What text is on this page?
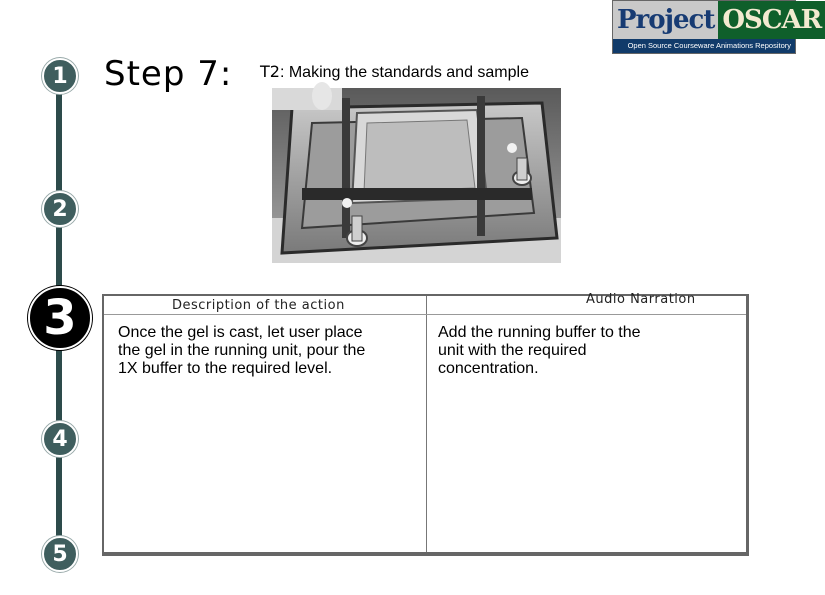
1
2
3
4
5
Step 7: T2: Making the standards and sample
Project OSCAR
Open Source Courseware Animations Repository
Description of the action	Audio Narration
Once the gel is cast, let user place the gel in the running unit, pour the 1X buffer to the required level.
Add the running buffer to the unit with the required concentration.
